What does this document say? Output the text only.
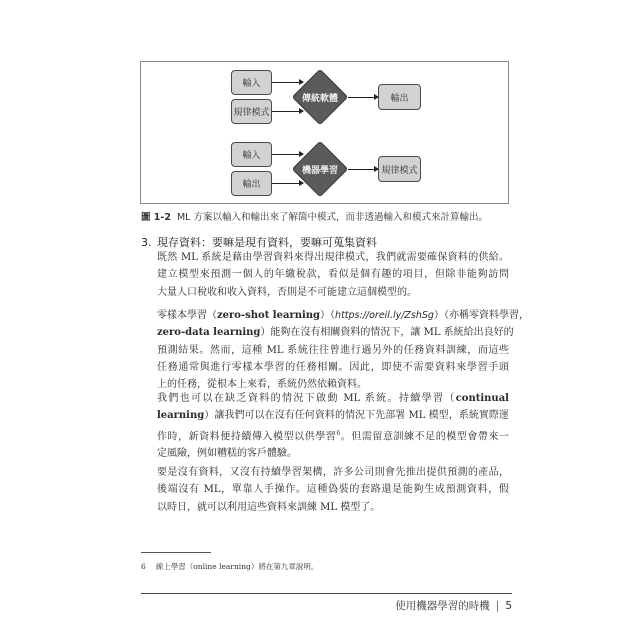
輸入
規律模式
傳統軟體	輸出
輸入
輸出
機器學習	規律模式
圖 1-2 ML 方案以輸入和輸出來了解箇中模式，而非透過輸入和模式來計算輸出。
3. 現存資料：要嘛是現有資料，要嘛可蒐集資料
既然 ML 系統是藉由學習資料來得出規律模式，我們就需要確保資料的供給。
建立模型來預測一個人的年繳稅款，看似是個有趣的項目，但除非能夠訪問
大量人口稅收和收入資料，否則是不可能建立這個模型的。
零樣本學習（zero-shot learning）（https://oreil.ly/ZshSg）（亦稱零資料學習，
zero-data learning）能夠在沒有相關資料的情況下，讓 ML 系統給出良好的
預測結果。然而，這種 ML 系統往往曾進行過另外的任務資料訓練，而這些
任務通常與進行零樣本學習的任務相關。因此，即使不需要資料來學習手頭
上的任務，從根本上來看，系統仍然依賴資料。
我們也可以在缺乏資料的情況下啟動 ML 系統。持續學習（continual
learning）讓我們可以在沒有任何資料的情況下先部署 ML 模型，系統實際運
作時，新資料便持續傳入模型以供學習$^6$。但需留意訓練不足的模型會帶來一
定風險，例如糟糕的客戶體驗。
要是沒有資料，又沒有持續學習架構，許多公司則會先推出提供預測的產品，
後端沒有 ML，單靠人手操作。這種偽裝的套路還是能夠生成預測資料，假
以時日，就可以利用這些資料來訓練 ML 模型了。
6 線上學習（online learning）將在第九章說明。
使用機器學習的時機 | 5
